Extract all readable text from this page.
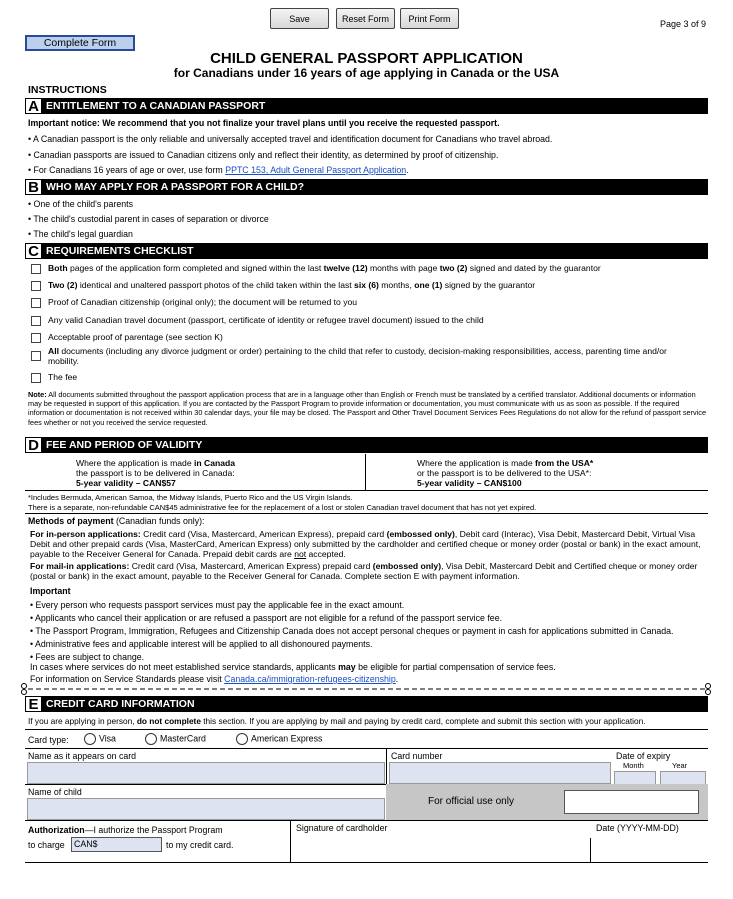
Save	Reset Form	Print Form
Page 3 of 9
Complete Form
CHILD GENERAL PASSPORT APPLICATION
for Canadians under 16 years of age applying in Canada or the USA
INSTRUCTIONS
A ENTITLEMENT TO A CANADIAN PASSPORT
Important notice: We recommend that you not finalize your travel plans until you receive the requested passport.
• A Canadian passport is the only reliable and universally accepted travel and identification document for Canadians who travel abroad.
• Canadian passports are issued to Canadian citizens only and reflect their identity, as determined by proof of citizenship.
• For Canadians 16 years of age or over, use form PPTC 153, Adult General Passport Application.
B WHO MAY APPLY FOR A PASSPORT FOR A CHILD?
• One of the child's parents
• The child's custodial parent in cases of separation or divorce
• The child's legal guardian
C REQUIREMENTS CHECKLIST
Both pages of the application form completed and signed within the last twelve (12) months with page two (2) signed and dated by the guarantor
Two (2) identical and unaltered passport photos of the child taken within the last six (6) months, one (1) signed by the guarantor
Proof of Canadian citizenship (original only); the document will be returned to you
Any valid Canadian travel document (passport, certificate of identity or refugee travel document) issued to the child
Acceptable proof of parentage (see section K)
All documents (including any divorce judgment or order) pertaining to the child that refer to custody, decision-making responsibilities, access, parenting time and/or mobility.
The fee
Note: All documents submitted throughout the passport application process that are in a language other than English or French must be translated by a certified translator. Additional documents or information may be requested in support of this application. If you are contacted by the Passport Program to provide information or documentation, you must communicate with us as soon as possible. If the required information or documentation is not received within 30 calendar days, your file may be closed. The Passport and Other Travel Document Services Fees Regulations do not allow for the refund of passport service fees whether or not you received the service requested.
D FEE AND PERIOD OF VALIDITY
Where the application is made in Canada
the passport is to be delivered in Canada:
5-year validity – CAN$57
Where the application is made from the USA*
or the passport is to be delivered to the USA*:
5-year validity – CAN$100
*Includes Bermuda, American Samoa, the Midway Islands, Puerto Rico and the US Virgin Islands.
There is a separate, non-refundable CAN$45 administrative fee for the replacement of a lost or stolen Canadian travel document that has not yet expired.
Methods of payment (Canadian funds only):
For in-person applications: Credit card (Visa, Mastercard, American Express), prepaid card (embossed only), Debit card (Interac), Visa Debit, Mastercard Debit, Virtual Visa Debit and other prepaid cards (Visa, MasterCard, American Express) only submitted by the cardholder and certified cheque or money order (postal or bank) in the exact amount, payable to the Receiver General for Canada. Prepaid debit cards are not accepted.
For mail-in applications: Credit card (Visa, Mastercard, American Express) prepaid card (embossed only), Visa Debit, Mastercard Debit and Certified cheque or money order (postal or bank) in the exact amount, payable to the Receiver General for Canada. Complete section E with payment information.
Important
• Every person who requests passport services must pay the applicable fee in the exact amount.
• Applicants who cancel their application or are refused a passport are not eligible for a refund of the passport service fee.
• The Passport Program, Immigration, Refugees and Citizenship Canada does not accept personal cheques or payment in cash for applications submitted in Canada.
• Administrative fees and applicable interest will be applied to all dishonoured payments.
• Fees are subject to change.
In cases where services do not meet established service standards, applicants may be eligible for partial compensation of service fees.
For information on Service Standards please visit Canada.ca/immigration-refugees-citizenship.
E CREDIT CARD INFORMATION
If you are applying in person, do not complete this section. If you are applying by mail and paying by credit card, complete and submit this section with your application.
Card type:	Visa	MasterCard	American Express
Name as it appears on card	Card number	Date of expiry
Month	Year
Name of child
For official use only
Authorization—I authorize the Passport Program
to charge	CAN$	to my credit card.
Signature of cardholder	Date (YYYY-MM-DD)
